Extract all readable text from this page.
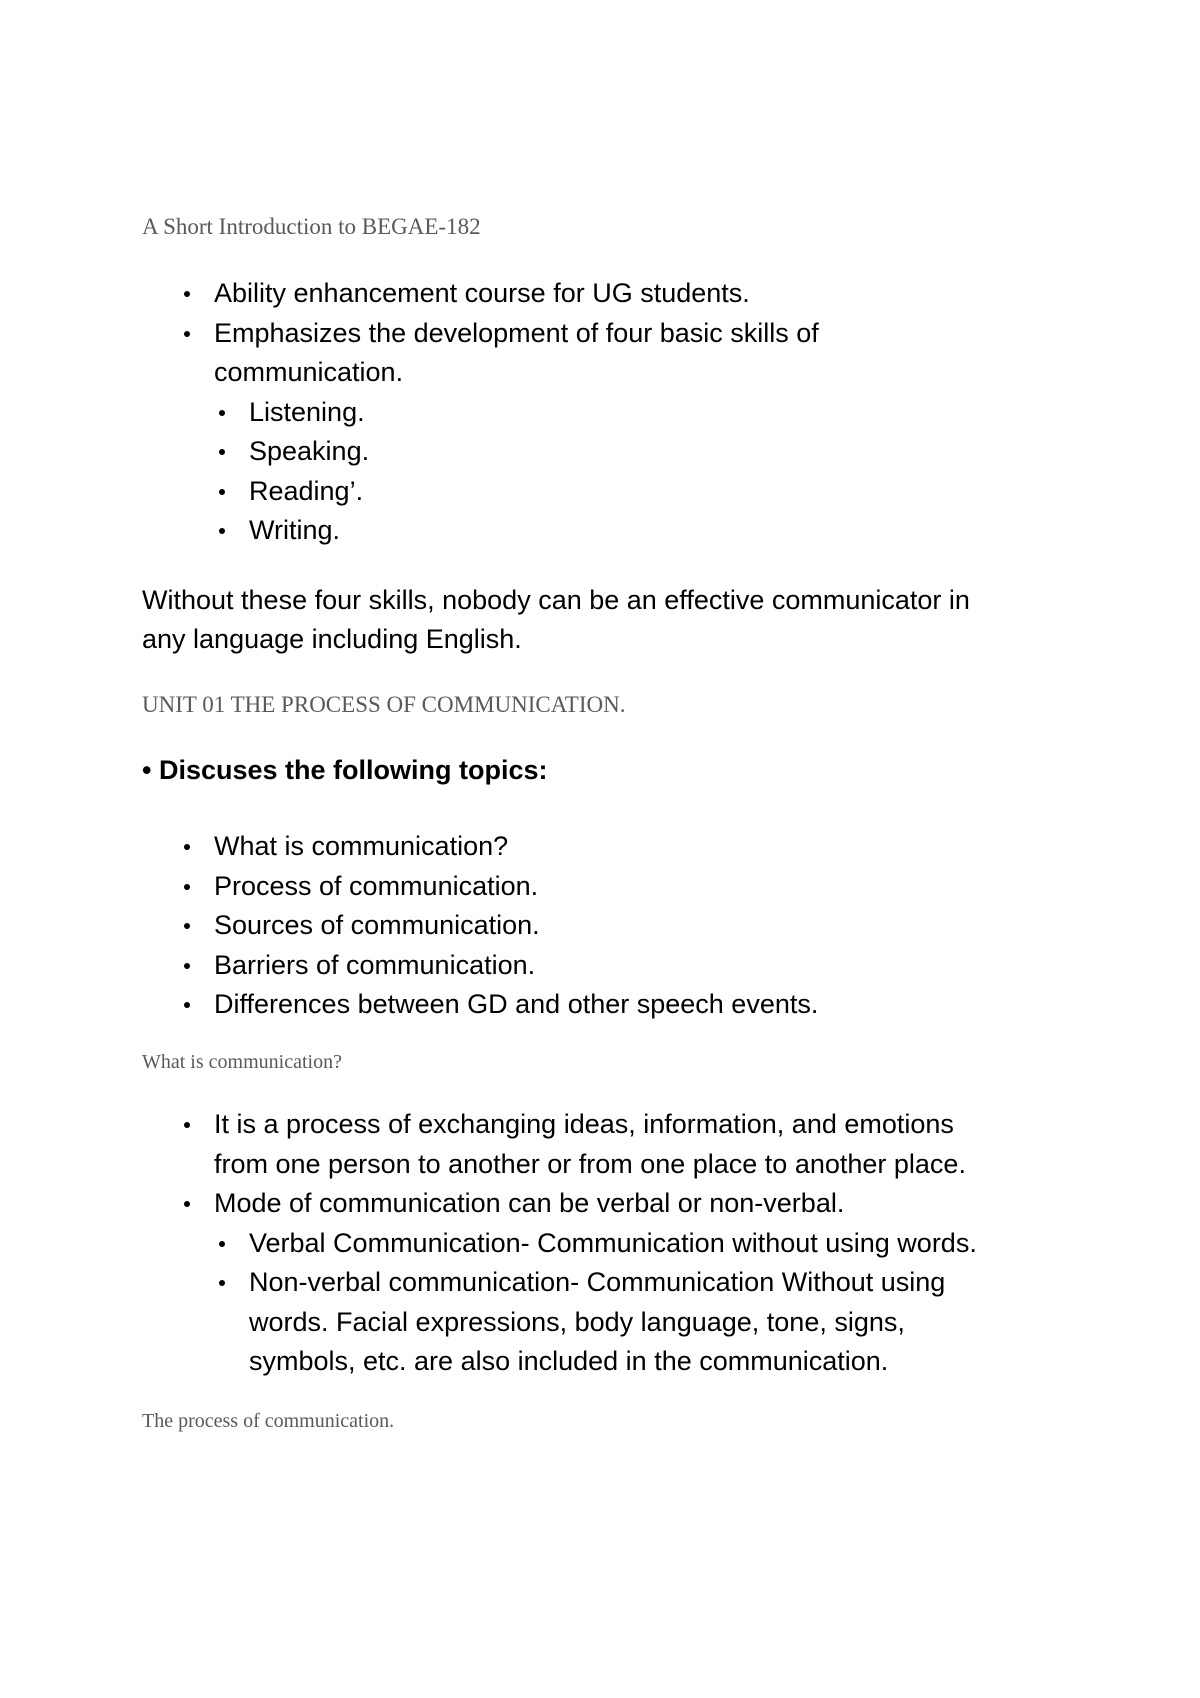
A Short Introduction to BEGAE-182
Ability enhancement course for UG students.
Emphasizes the development of four basic skills of
communication.
Listening.
Speaking.
Reading’.
Writing.
Without these four skills, nobody can be an effective communicator in
any language including English.
UNIT 01 THE PROCESS OF COMMUNICATION.
• Discuses the following topics:
What is communication?
Process of communication.
Sources of communication.
Barriers of communication.
Differences between GD and other speech events.
What is communication?
It is a process of exchanging ideas, information, and emotions
from one person to another or from one place to another place.
Mode of communication can be verbal or non-verbal.
Verbal Communication- Communication without using words.
Non-verbal communication- Communication Without using
words. Facial expressions, body language, tone, signs,
symbols, etc. are also included in the communication.
The process of communication.
